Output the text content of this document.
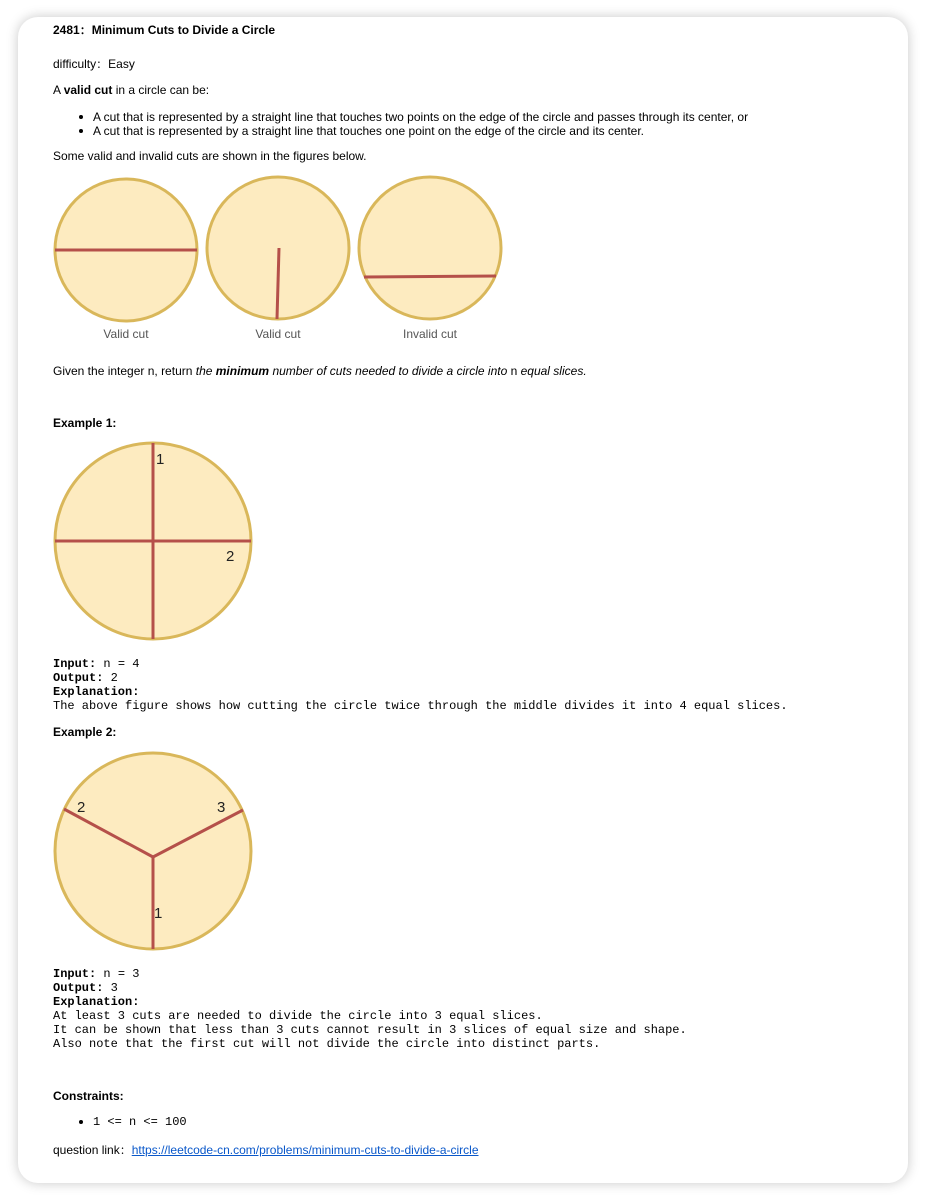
2481：Minimum Cuts to Divide a Circle
difficulty：Easy
A valid cut in a circle can be:
A cut that is represented by a straight line that touches two points on the edge of the circle and passes through its center, or
A cut that is represented by a straight line that touches one point on the edge of the circle and its center.
Some valid and invalid cuts are shown in the figures below.
Valid cut	Valid cut	Invalid cut
Given the integer n, return the minimum number of cuts needed to divide a circle into n equal slices.
Example 1:
1
2
Input: n = 4
Output: 2
Explanation:
The above figure shows how cutting the circle twice through the middle divides it into 4 equal slices.
Example 2:
1
2	3
Input: n = 3
Output: 3
Explanation:
At least 3 cuts are needed to divide the circle into 3 equal slices.
It can be shown that less than 3 cuts cannot result in 3 slices of equal size and shape.
Also note that the first cut will not divide the circle into distinct parts.
Constraints:
1 <= n <= 100
question link：https://leetcode-cn.com/problems/minimum-cuts-to-divide-a-circle
